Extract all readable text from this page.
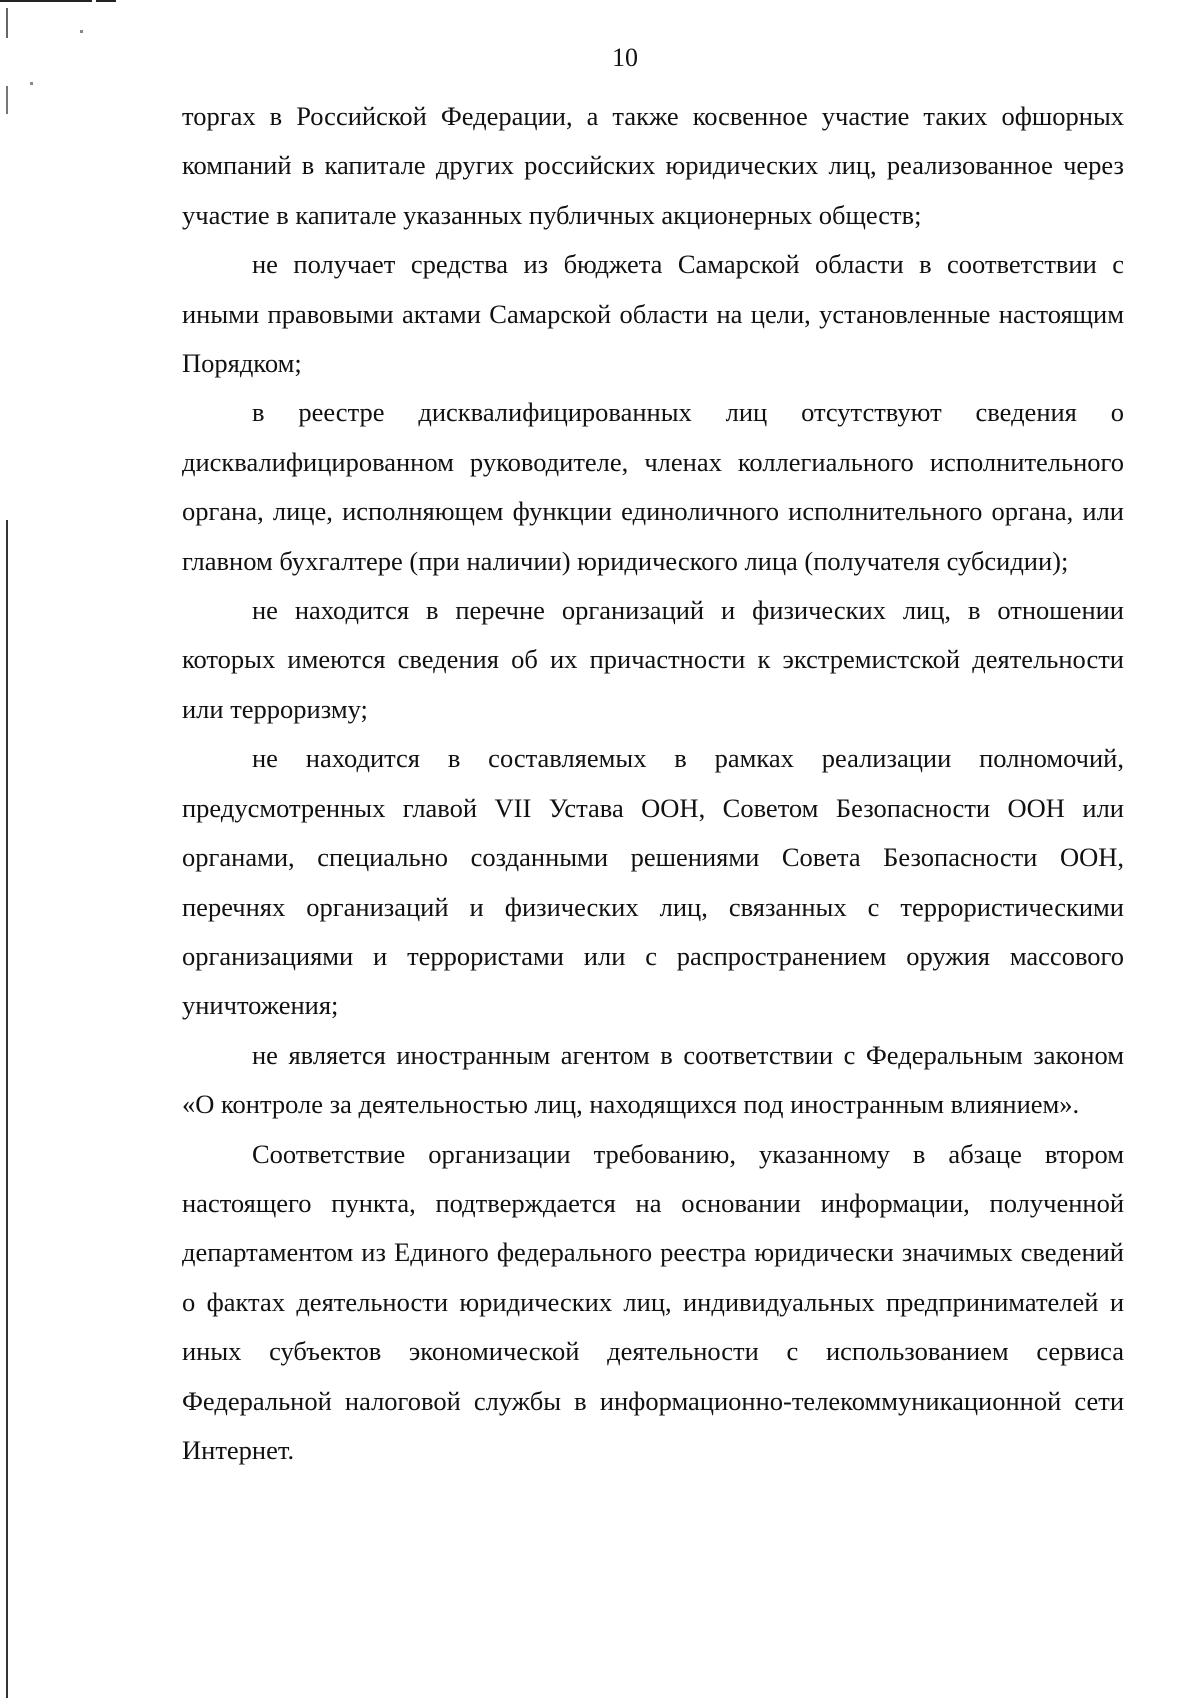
10

торгах в Российской Федерации, а также косвенное участие таких офшорных компаний в капитале других российских юридических лиц, реализованное через участие в капитале указанных публичных акционерных обществ;

не получает средства из бюджета Самарской области в соответствии с иными правовыми актами Самарской области на цели, установленные настоящим Порядком;

в реестре дисквалифицированных лиц отсутствуют сведения о дисквалифицированном руководителе, членах коллегиального исполнительного органа, лице, исполняющем функции единоличного исполнительного органа, или главном бухгалтере (при наличии) юридического лица (получателя субсидии);

не находится в перечне организаций и физических лиц, в отношении которых имеются сведения об их причастности к экстремистской деятельности или терроризму;

не находится в составляемых в рамках реализации полномочий, предусмотренных главой VII Устава ООН, Советом Безопасности ООН или органами, специально созданными решениями Совета Безопасности ООН, перечнях организаций и физических лиц, связанных с террористическими организациями и террористами или с распространением оружия массового уничтожения;

не является иностранным агентом в соответствии с Федеральным законом «О контроле за деятельностью лиц, находящихся под иностранным влиянием».

Соответствие организации требованию, указанному в абзаце втором настоящего пункта, подтверждается на основании информации, полученной департаментом из Единого федерального реестра юридически значимых сведений о фактах деятельности юридических лиц, индивидуальных предпринимателей и иных субъектов экономической деятельности с использованием сервиса Федеральной налоговой службы в информационно-телекоммуникационной сети Интернет.
